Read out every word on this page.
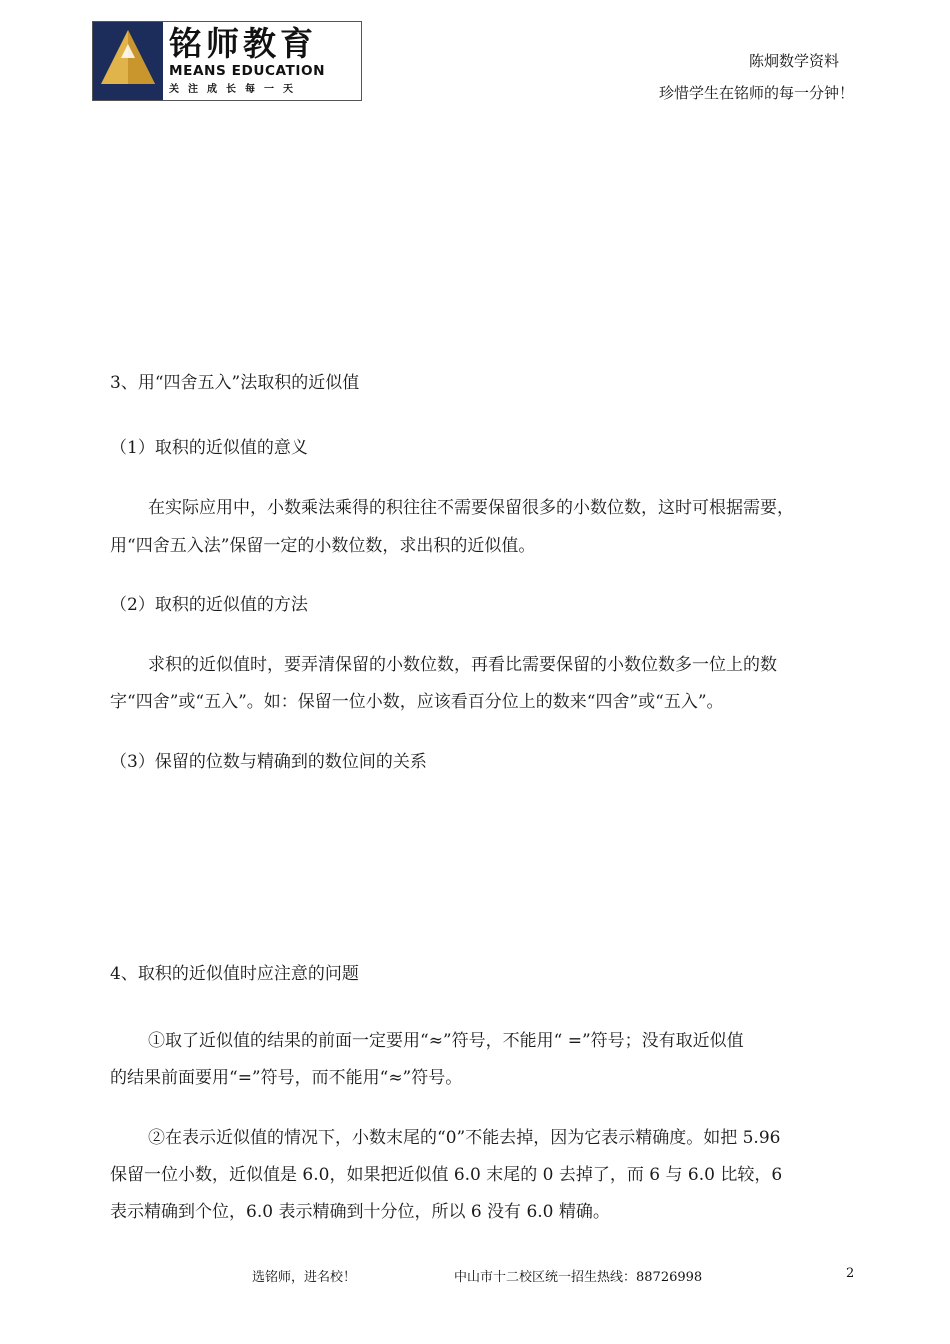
铭师教育
MEANS EDUCATION
关注成长每一天
陈炯数学资料
珍惜学生在铭师的每一分钟！
3、用“四舍五入”法取积的近似值
（1）取积的近似值的意义
在实际应用中，小数乘法乘得的积往往不需要保留很多的小数位数，这时可根据需要，
用“四舍五入法”保留一定的小数位数，求出积的近似值。
（2）取积的近似值的方法
求积的近似值时，要弄清保留的小数位数，再看比需要保留的小数位数多一位上的数
字“四舍”或“五入”。如：保留一位小数，应该看百分位上的数来“四舍”或“五入”。
（3）保留的位数与精确到的数位间的关系
4、取积的近似值时应注意的问题
①取了近似值的结果的前面一定要用“≈”符号，不能用“ =”符号；没有取近似值
的结果前面要用“=”符号，而不能用“≈”符号。
②在表示近似值的情况下，小数末尾的“0”不能去掉，因为它表示精确度。如把 5.96
保留一位小数，近似值是 6.0，如果把近似值 6.0 末尾的 0 去掉了，而 6 与 6.0 比较，6
表示精确到个位，6.0 表示精确到十分位，所以 6 没有 6.0 精确。
选铭师，进名校！	中山市十二校区统一招生热线：88726998	2
